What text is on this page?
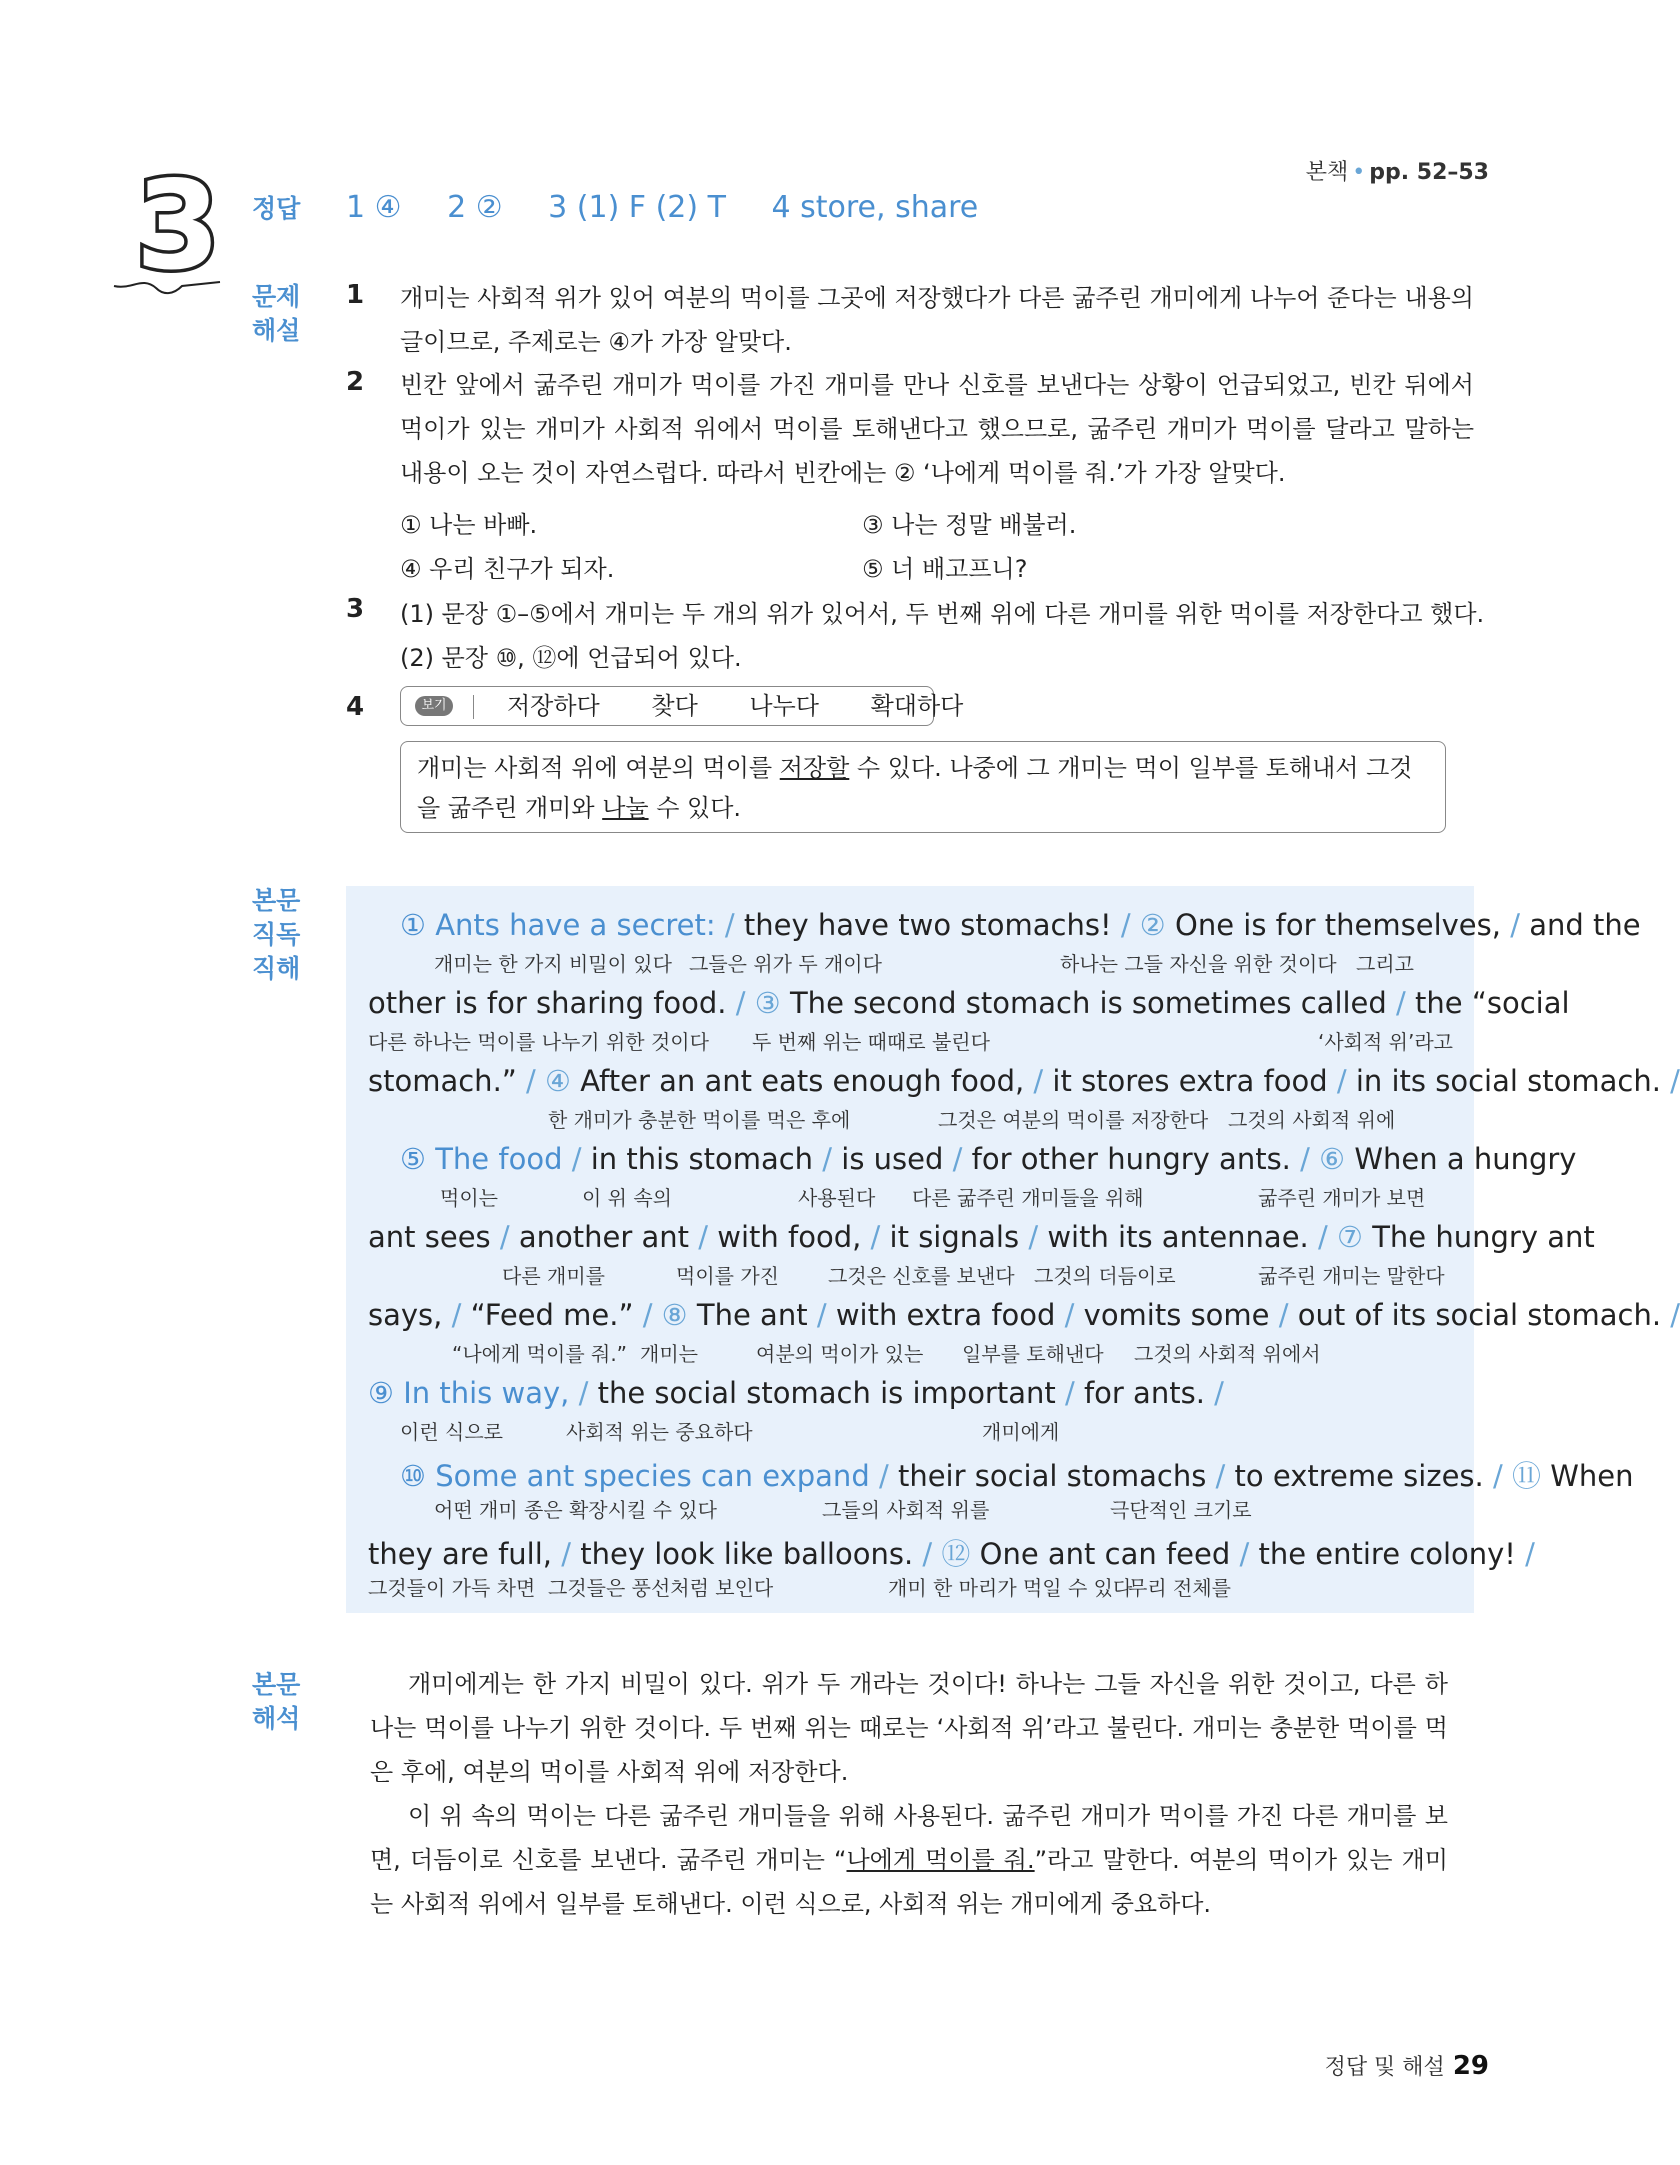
본책 • pp. 52–53
3 정답 1 ④ 2 ② 3 (1) F (2) T 4 store, share
문제 해설
1 개미는 사회적 위가 있어 여분의 먹이를 그곳에 저장했다가 다른 굶주린 개미에게 나누어 준다는 내용의 글이므로, 주제로는 ④가 가장 알맞다.
2 빈칸 앞에서 굶주린 개미가 먹이를 가진 개미를 만나 신호를 보낸다는 상황이 언급되었고, 빈칸 뒤에서 먹이가 있는 개미가 사회적 위에서 먹이를 토해낸다고 했으므로, 굶주린 개미가 먹이를 달라고 말하는 내용이 오는 것이 자연스럽다. 따라서 빈칸에는 ② ‘나에게 먹이를 줘.’가 가장 알맞다.
① 나는 바빠.	③ 나는 정말 배불러.
④ 우리 친구가 되자.	⑤ 너 배고프니?
3 (1) 문장 ①–⑤에서 개미는 두 개의 위가 있어서, 두 번째 위에 다른 개미를 위한 먹이를 저장한다고 했다.
(2) 문장 ⑩, ⑫에 언급되어 있다.
4	보기	저장하다 찾다 나누다 확대하다
개미는 사회적 위에 여분의 먹이를 저장할 수 있다. 나중에 그 개미는 먹이 일부를 토해내서 그것을 굶주린 개미와 나눌 수 있다.
본문 직독 직해
① Ants have a secret: / they have two stomachs! / ② One is for themselves, / and the
개미는 한 가지 비밀이 있다 그들은 위가 두 개이다	하나는 그들 자신을 위한 것이다 그리고
other is for sharing food. / ③ The second stomach is sometimes called / the “social
다른 하나는 먹이를 나누기 위한 것이다 두 번째 위는 때때로 불린다	‘사회적 위’라고
stomach.” / ④ After an ant eats enough food, / it stores extra food / in its social stomach. /
한 개미가 충분한 먹이를 먹은 후에	그것은 여분의 먹이를 저장한다 그것의 사회적 위에
⑤ The food / in this stomach / is used / for other hungry ants. / ⑥ When a hungry
먹이는	이 위 속의	사용된다 다른 굶주린 개미들을 위해	굶주린 개미가 보면
ant sees / another ant / with food, / it signals / with its antennae. / ⑦ The hungry ant
다른 개미를	먹이를 가진 그것은 신호를 보낸다 그것의 더듬이로	굶주린 개미는 말한다
says, / “Feed me.” / ⑧ The ant / with extra food / vomits some / out of its social stomach. /
“나에게 먹이를 줘.” 개미는	여분의 먹이가 있는 일부를 토해낸다 그것의 사회적 위에서
⑨ In this way, / the social stomach is important / for ants. /
이런 식으로	사회적 위는 중요하다	개미에게
⑩ Some ant species can expand / their social stomachs / to extreme sizes. / ⑪ When
어떤 개미 종은 확장시킬 수 있다	그들의 사회적 위를	극단적인 크기로
they are full, / they look like balloons. / ⑫ One ant can feed / the entire colony! /
그것들이 가득 차면 그것들은 풍선처럼 보인다	개미 한 마리가 먹일 수 있다
무리 전체를
본문 해석

개미에게는 한 가지 비밀이 있다. 위가 두 개라는 것이다! 하나는 그들 자신을 위한 것이고, 다른 하나는 먹이를 나누기 위한 것이다. 두 번째 위는 때로는 ‘사회적 위’라고 불린다. 개미는 충분한 먹이를 먹은 후에, 여분의 먹이를 사회적 위에 저장한다.

이 위 속의 먹이는 다른 굶주린 개미들을 위해 사용된다. 굶주린 개미가 먹이를 가진 다른 개미를 보면, 더듬이로 신호를 보낸다. 굶주린 개미는 “나에게 먹이를 줘.”라고 말한다. 여분의 먹이가 있는 개미는 사회적 위에서 일부를 토해낸다. 이런 식으로, 사회적 위는 개미에게 중요하다.

정답 및 해설 29
